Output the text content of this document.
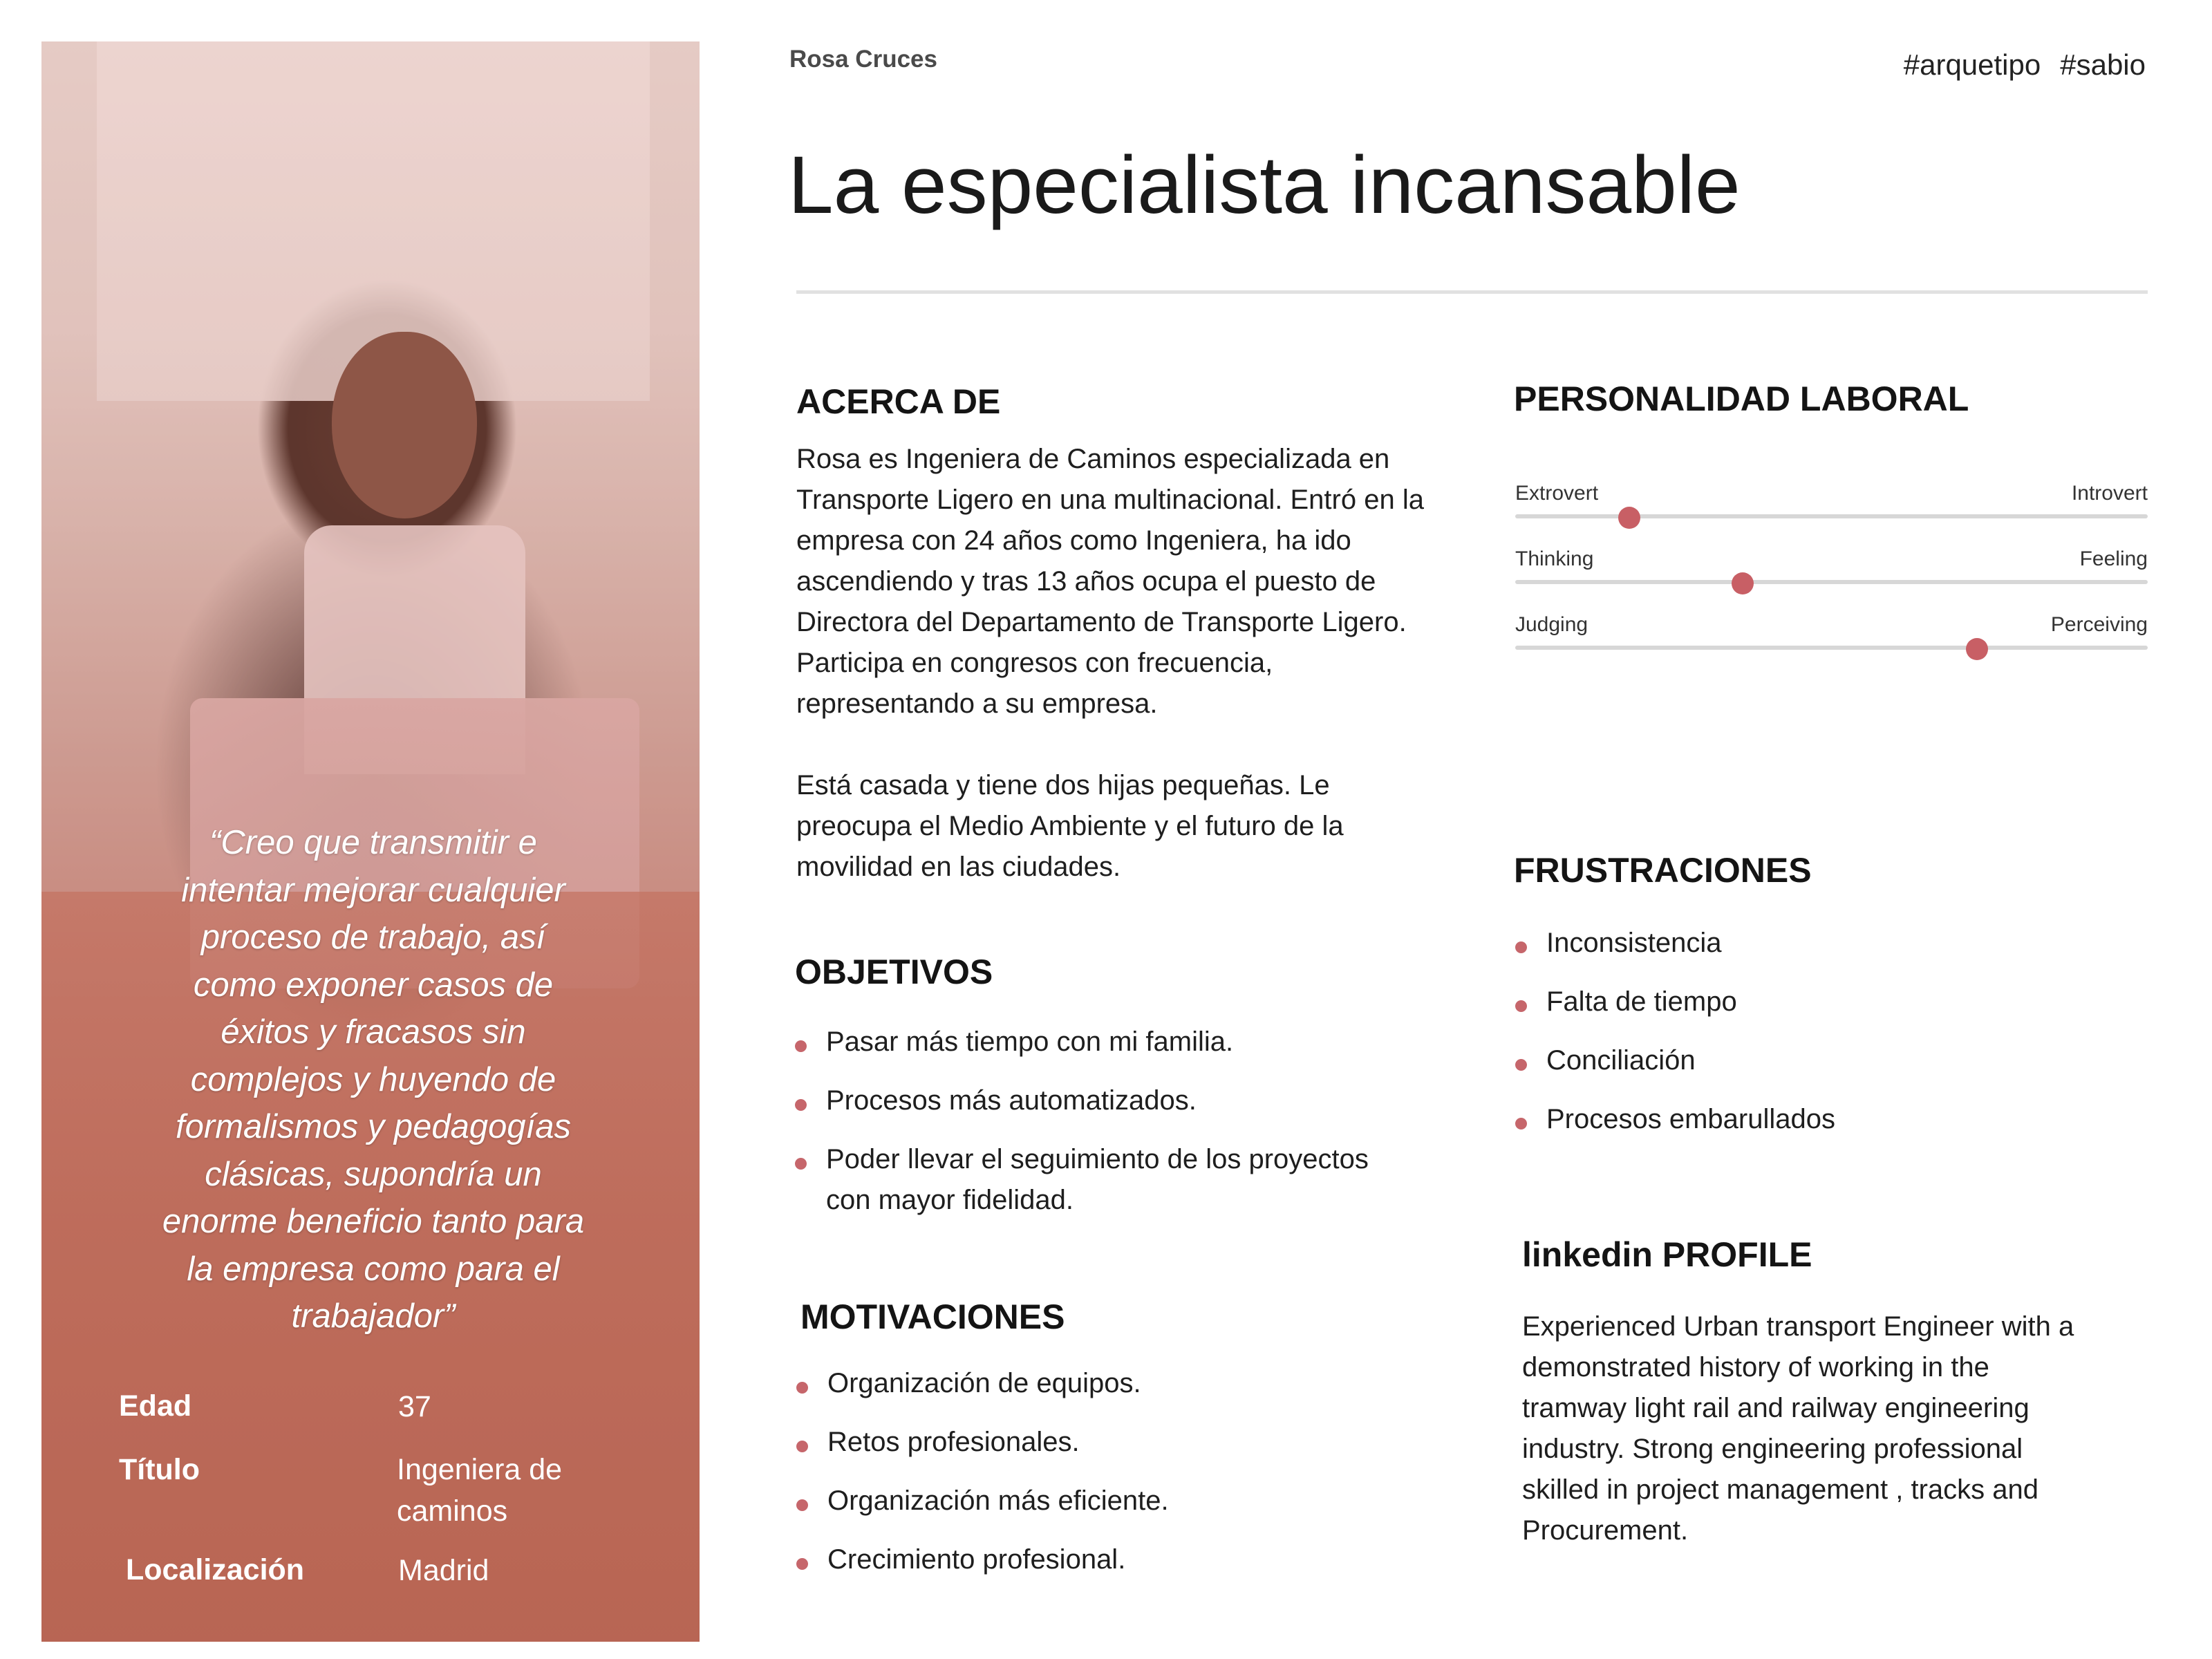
“Creo que transmitir e intentar mejorar cualquier proceso de trabajo, así como exponer casos de éxitos y fracasos sin complejos y huyendo de formalismos y pedagogías clásicas, supondría un enorme beneficio tanto para la empresa como para el trabajador”
Edad	37
Título	Ingeniera de caminos
Localización	Madrid
Rosa Cruces	#arquetipo #sabio
La especialista incansable
ACERCA DE

Rosa es Ingeniera de Caminos especializada en Transporte Ligero en una multinacional. Entró en la empresa con 24 años como Ingeniera, ha ido ascendiendo y tras 13 años ocupa el puesto de Directora del Departamento de Transporte Ligero. Participa en congresos con frecuencia, representando a su empresa.

Está casada y tiene dos hijas pequeñas. Le preocupa el Medio Ambiente y el futuro de la movilidad en las ciudades.

OBJETIVOS
Pasar más tiempo con mi familia.
Procesos más automatizados.
Poder llevar el seguimiento de los proyectos con mayor fidelidad.
MOTIVACIONES
Organización de equipos.
Retos profesionales.
Organización más eficiente.
Crecimiento profesional.
PERSONALIDAD LABORAL
Extrovert	Introvert
Thinking	Feeling
Judging	Perceiving
FRUSTRACIONES
Inconsistencia
Falta de tiempo
Conciliación
Procesos embarullados
linkedin PROFILE
Experienced Urban transport Engineer with a demonstrated history of working in the tramway light rail and railway engineering industry. Strong engineering professional skilled in project management , tracks and Procurement.
